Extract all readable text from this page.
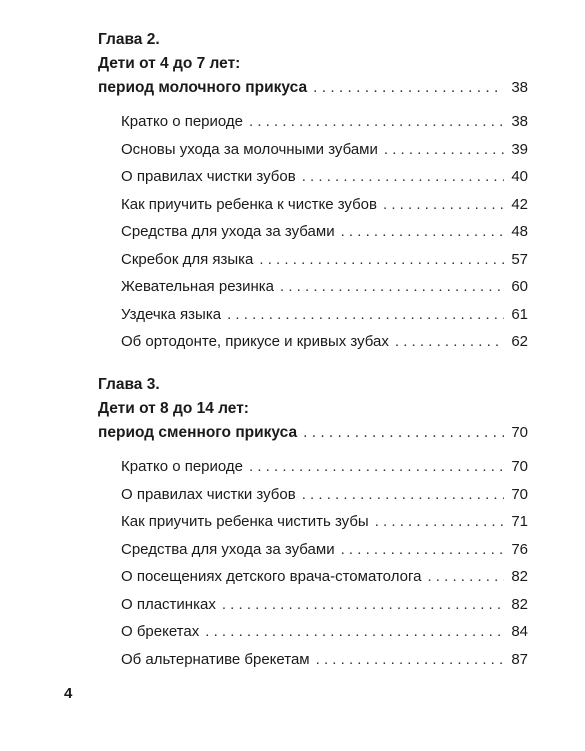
Глава 2.
Дети от 4 до 7 лет:
период молочного прикуса . . .	38
Кратко о периоде . . .	38
Основы ухода за молочными зубами . . .	39
О правилах чистки зубов . . .	40
Как приучить ребенка к чистке зубов . . .	42
Средства для ухода за зубами . . .	48
Скребок для языка . . .	57
Жевательная резинка . . .	60
Уздечка языка . . .	61
Об ортодонте, прикусе и кривых зубах . . .	62
Глава 3.
Дети от 8 до 14 лет:
период сменного прикуса . . .	70
Кратко о периоде . . .	70
О правилах чистки зубов . . .	70
Как приучить ребенка чистить зубы . . .	71
Средства для ухода за зубами . . .	76
О посещениях детского врача-стоматолога . . .	82
О пластинках . . .	82
О брекетах . . .	84
Об альтернативе брекетам . . .	87
4
